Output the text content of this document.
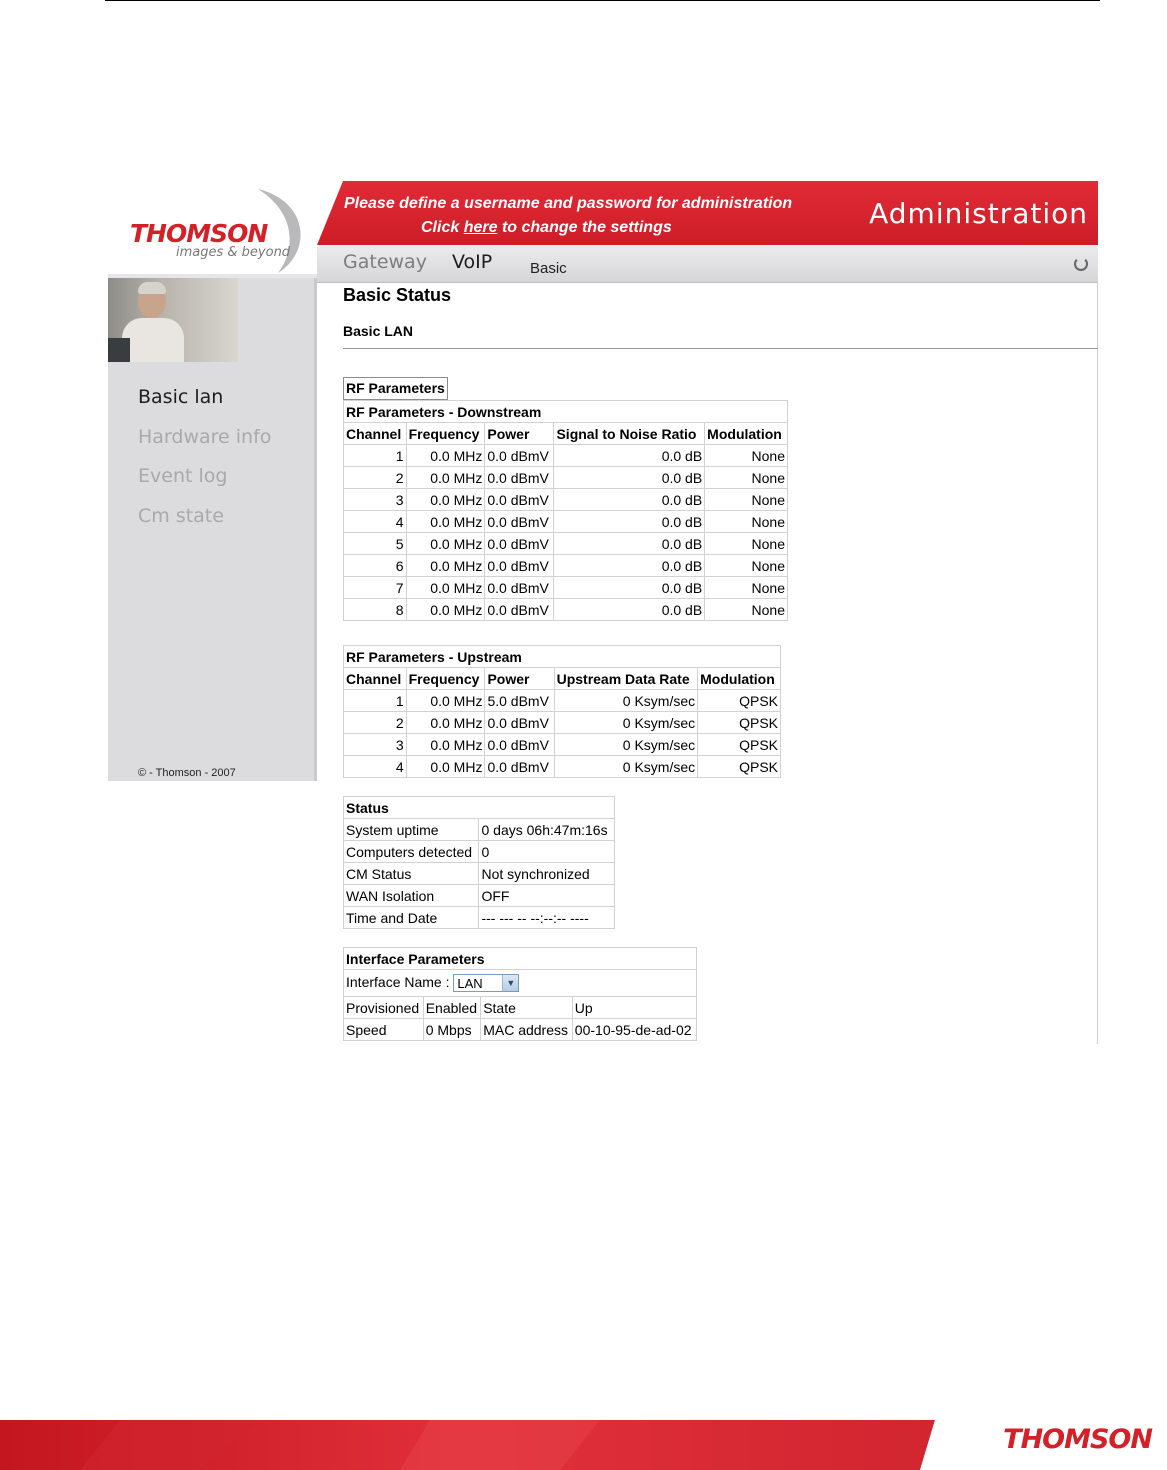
THOMSON
images & beyond
Basic lan
Hardware info
Event log
Cm state
© - Thomson - 2007
Please define a username and password for administration
Click here to change the settings	Administration
Gateway VoIP	Basic
Basic Status
Basic LAN
RF Parameters
RF Parameters - Downstream				
Channel	Frequency	Power	Signal to Noise Ratio	Modulation
1	0.0 MHz	0.0 dBmV	0.0 dB	None
2	0.0 MHz	0.0 dBmV	0.0 dB	None
3	0.0 MHz	0.0 dBmV	0.0 dB	None
4	0.0 MHz	0.0 dBmV	0.0 dB	None
5	0.0 MHz	0.0 dBmV	0.0 dB	None
6	0.0 MHz	0.0 dBmV	0.0 dB	None
7	0.0 MHz	0.0 dBmV	0.0 dB	None
8	0.0 MHz	0.0 dBmV	0.0 dB	None
RF Parameters - Upstream				
Channel	Frequency	Power	Upstream Data Rate	Modulation
1	0.0 MHz	5.0 dBmV	0 Ksym/sec	QPSK
2	0.0 MHz	0.0 dBmV	0 Ksym/sec	QPSK
3	0.0 MHz	0.0 dBmV	0 Ksym/sec	QPSK
4	0.0 MHz	0.0 dBmV	0 Ksym/sec	QPSK
Status	
System uptime	0 days 06h:47m:16s
Computers detected	0
CM Status	Not synchronized
WAN Isolation	OFF
Time and Date	--- --- -- --:--:-- ----
Interface Parameters			
Interface Name : LAN ▼			

Provisioned	Enabled	State	Up
Speed	0 Mbps	MAC address	00-10-95-de-ad-02
THOMSON
